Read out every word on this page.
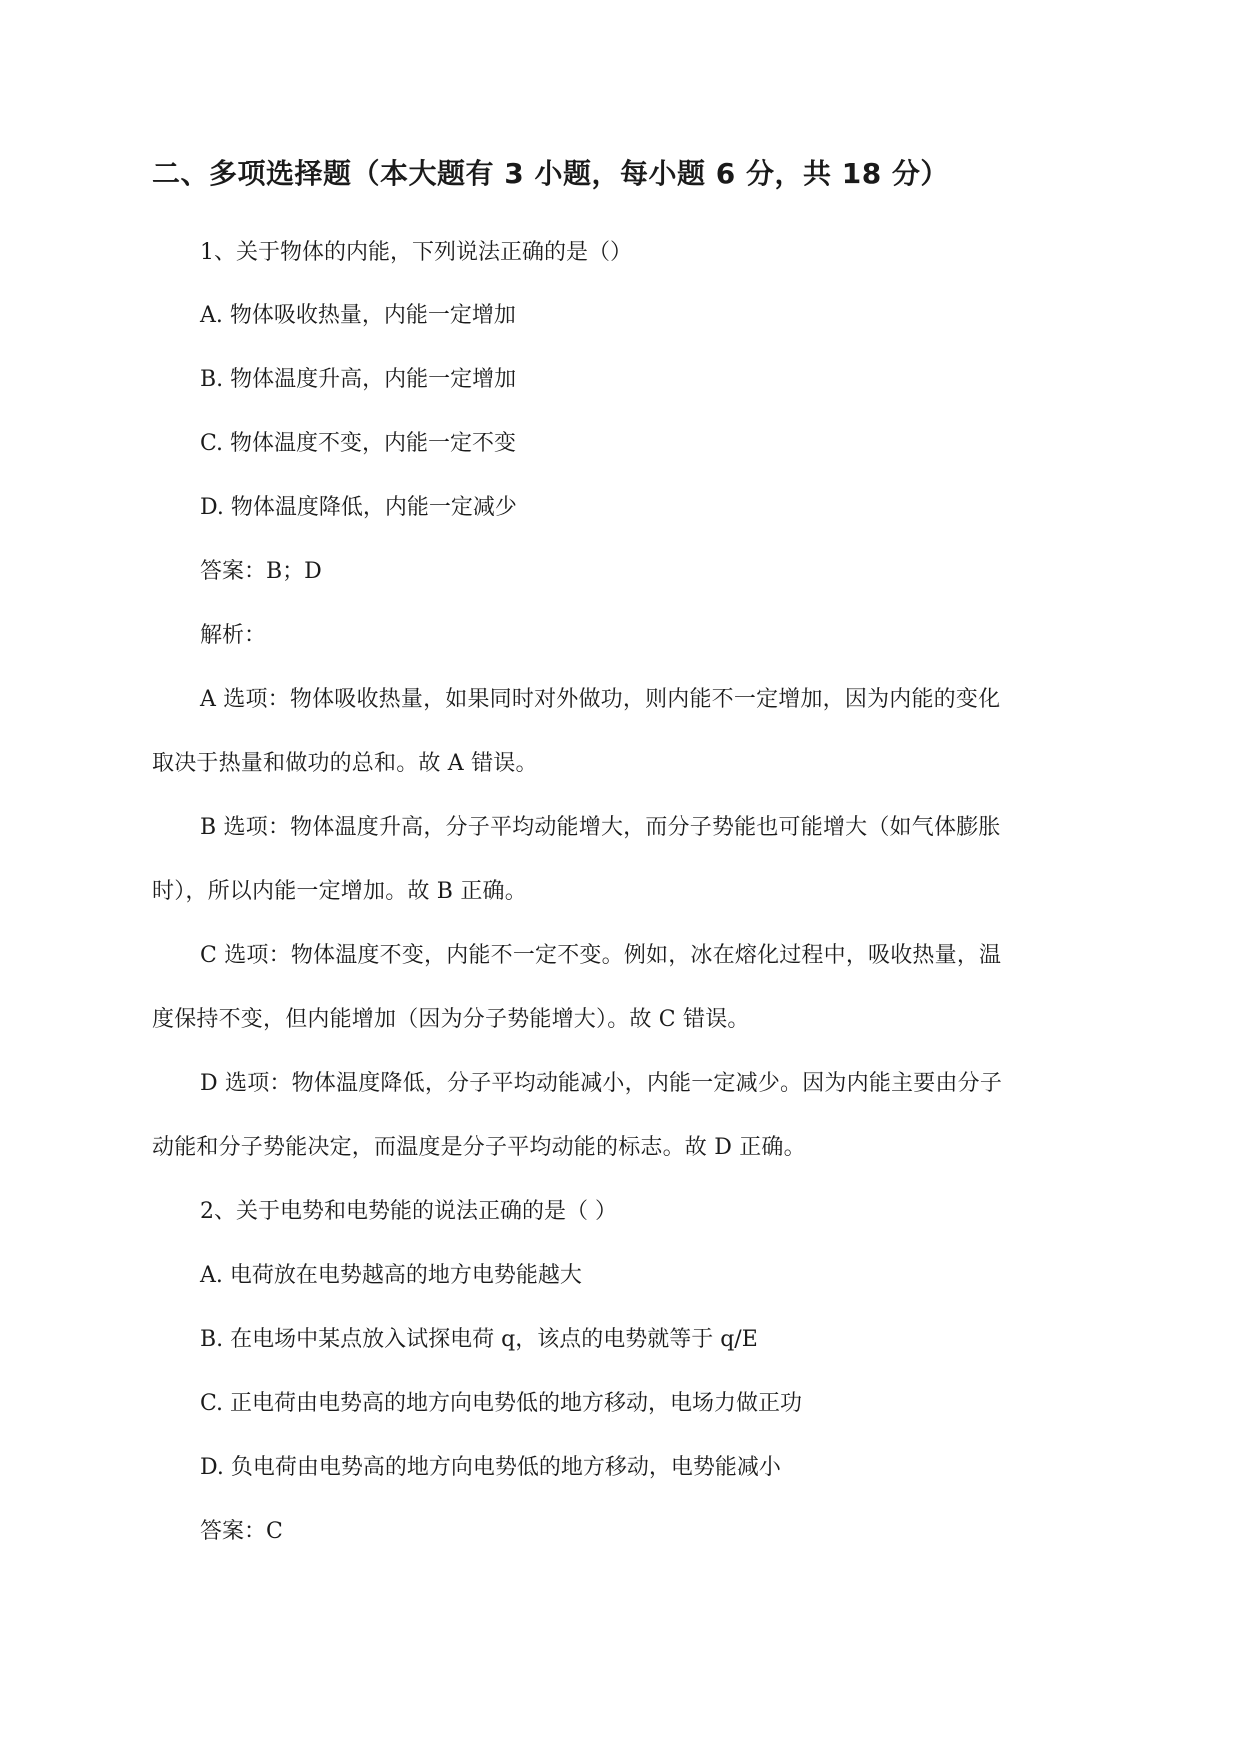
二、多项选择题（本大题有 3 小题，每小题 6 分，共 18 分）

1、关于物体的内能，下列说法正确的是（）

A. 物体吸收热量，内能一定增加

B. 物体温度升高，内能一定增加

C. 物体温度不变，内能一定不变

D. 物体温度降低，内能一定减少

答案：B；D

解析：

A 选项：物体吸收热量，如果同时对外做功，则内能不一定增加，因为内能的变化

取决于热量和做功的总和。故 A 错误。

B 选项：物体温度升高，分子平均动能增大，而分子势能也可能增大（如气体膨胀

时），所以内能一定增加。故 B 正确。

C 选项：物体温度不变，内能不一定不变。例如，冰在熔化过程中，吸收热量，温

度保持不变，但内能增加（因为分子势能增大）。故 C 错误。

D 选项：物体温度降低，分子平均动能减小，内能一定减少。因为内能主要由分子

动能和分子势能决定，而温度是分子平均动能的标志。故 D 正确。

2、关于电势和电势能的说法正确的是（ ）

A. 电荷放在电势越高的地方电势能越大

B. 在电场中某点放入试探电荷 q，该点的电势就等于 q/E

C. 正电荷由电势高的地方向电势低的地方移动，电场力做正功

D. 负电荷由电势高的地方向电势低的地方移动，电势能减小

答案：C
